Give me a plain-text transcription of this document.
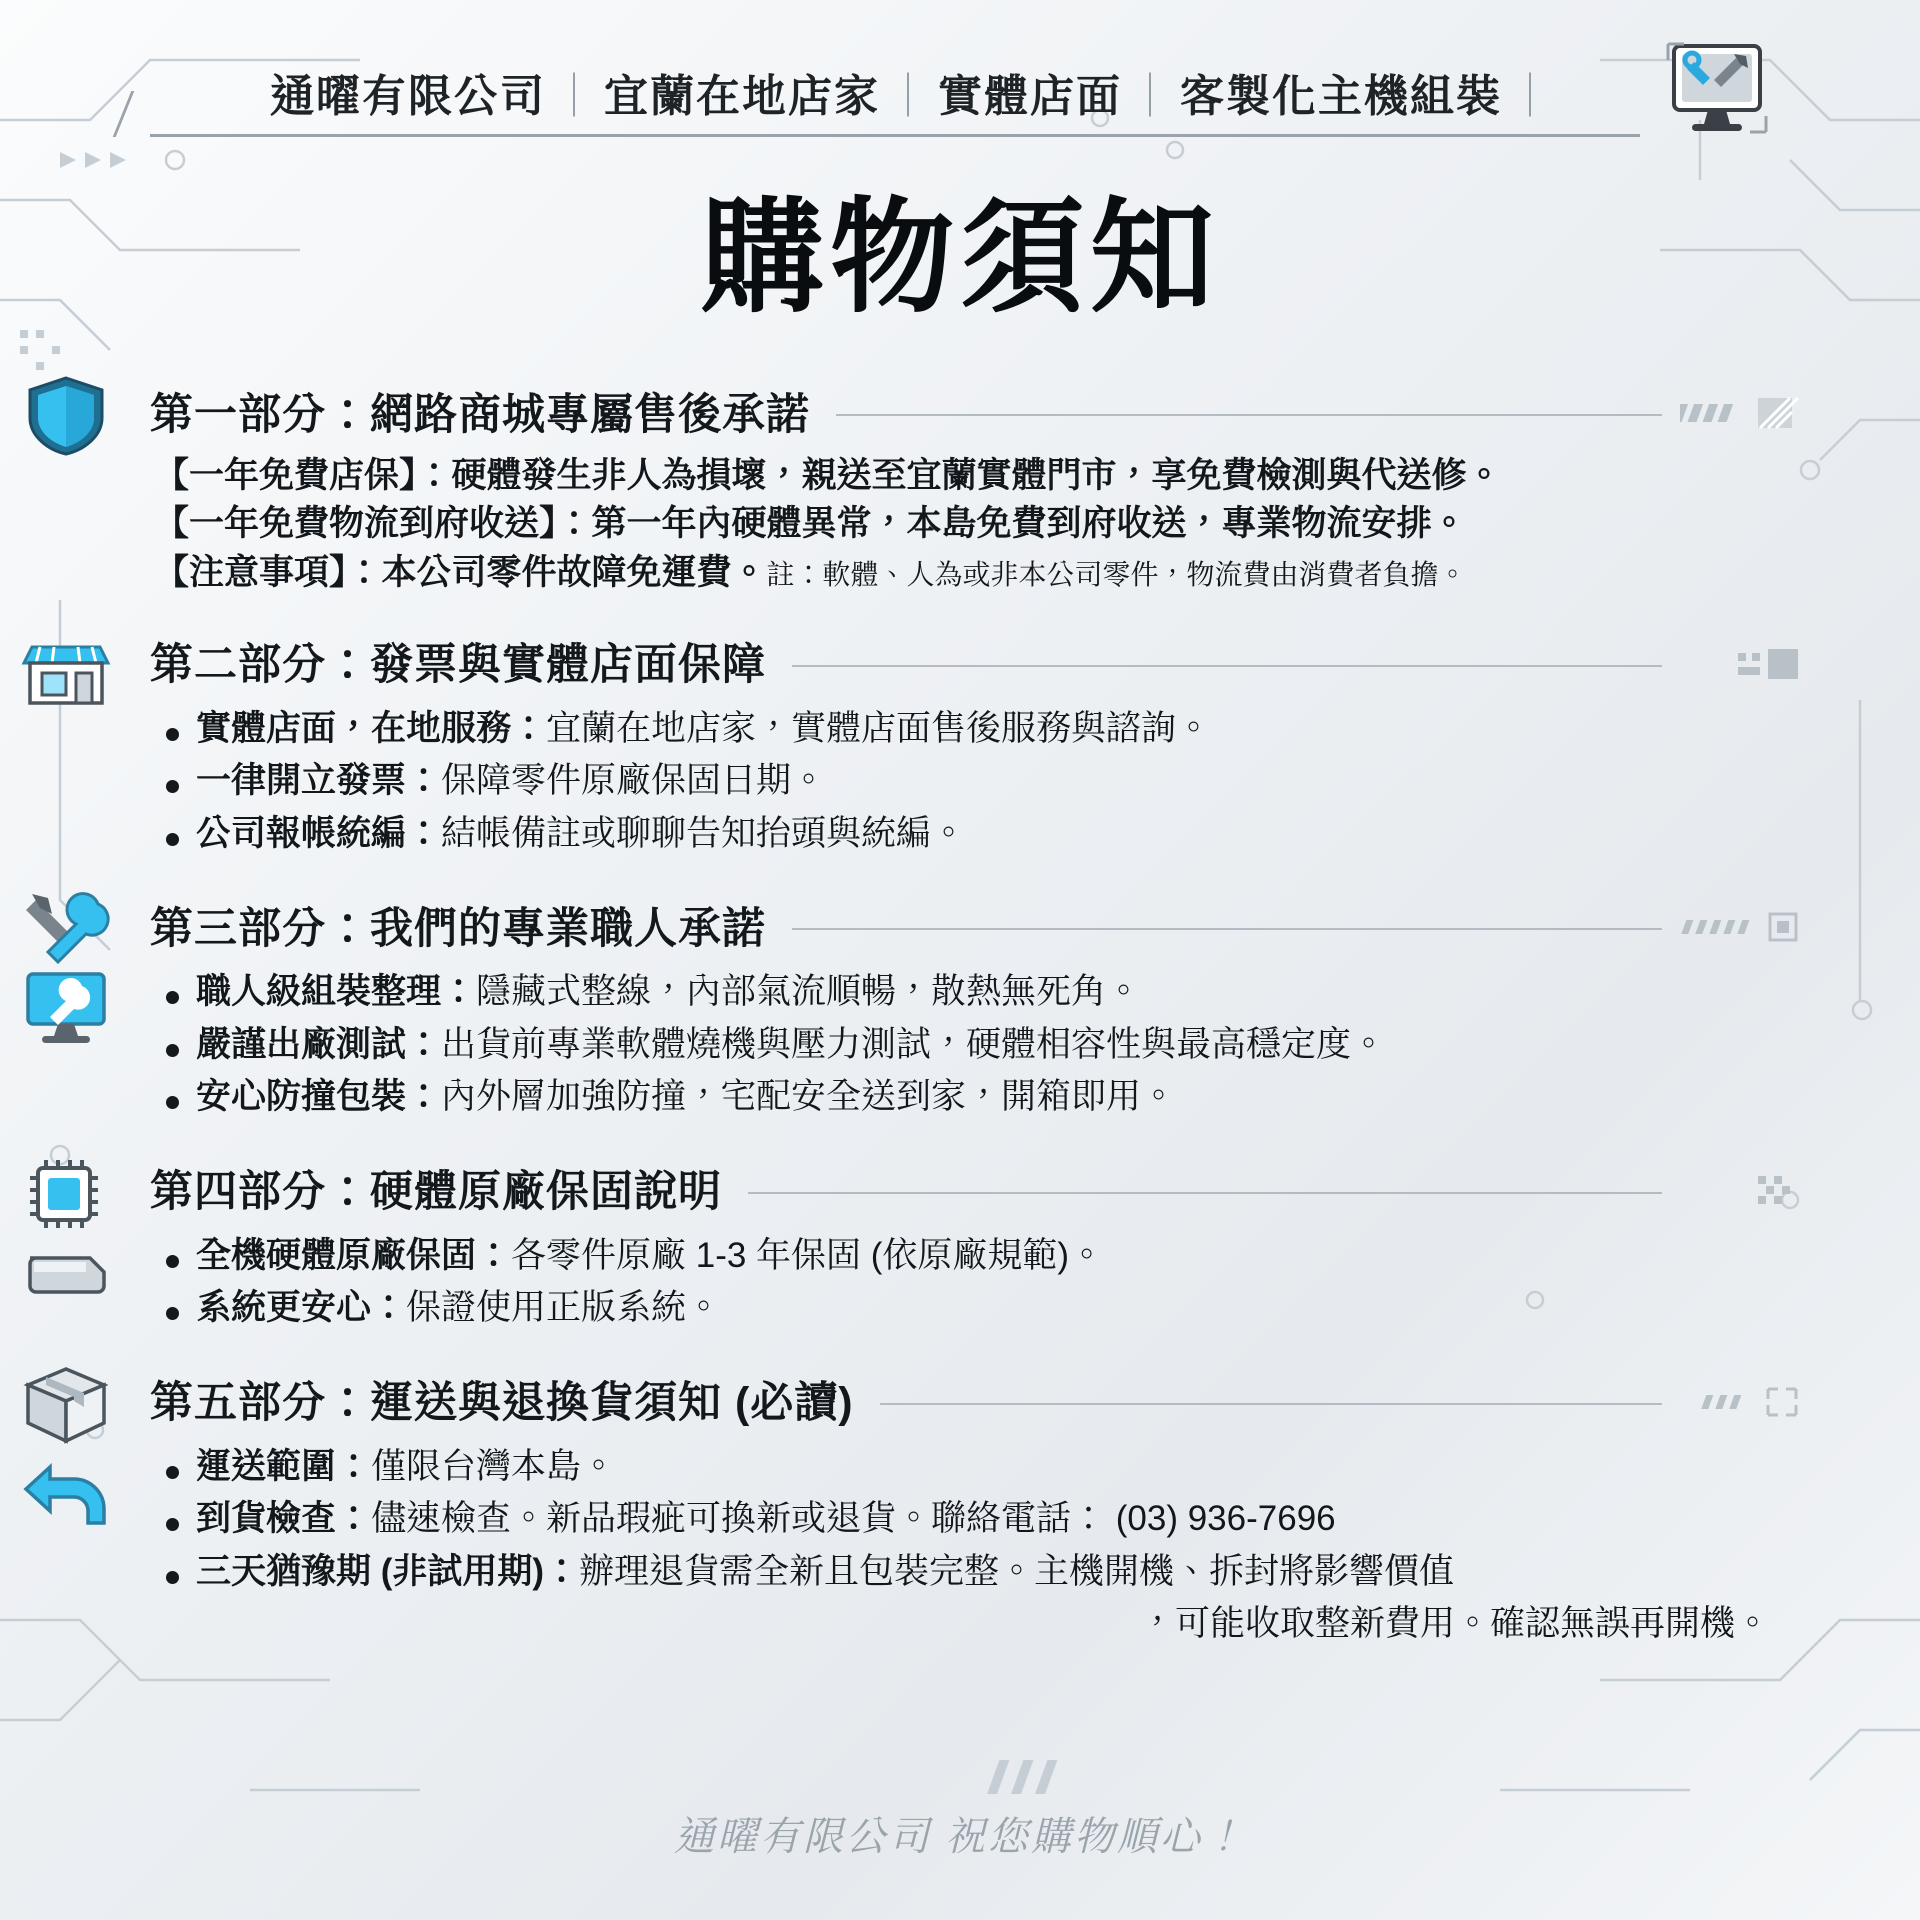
通曜有限公司 ｜ 宜蘭在地店家 ｜ 實體店面 ｜ 客製化主機組裝 ｜
購物須知
第一部分：網路商城專屬售後承諾
【一年免費店保】：硬體發生非人為損壞，親送至宜蘭實體門市，享免費檢測與代送修。
【一年免費物流到府收送】：第一年內硬體異常，本島免費到府收送，專業物流安排。
【注意事項】：本公司零件故障免運費。註：軟體、人為或非本公司零件，物流費由消費者負擔。
第二部分：發票與實體店面保障
實體店面，在地服務：宜蘭在地店家，實體店面售後服務與諮詢。
一律開立發票：保障零件原廠保固日期。
公司報帳統編：結帳備註或聊聊告知抬頭與統編。
第三部分：我們的專業職人承諾
職人級組裝整理：隱藏式整線，內部氣流順暢，散熱無死角。
嚴謹出廠測試：出貨前專業軟體燒機與壓力測試，硬體相容性與最高穩定度。
安心防撞包裝：內外層加強防撞，宅配安全送到家，開箱即用。
第四部分：硬體原廠保固說明
全機硬體原廠保固：各零件原廠 1-3 年保固 (依原廠規範)。
系統更安心：保證使用正版系統。
第五部分：運送與退換貨須知 (必讀)
運送範圍：僅限台灣本島。
到貨檢查：儘速檢查。新品瑕疵可換新或退貨。聯絡電話： (03) 936-7696
三天猶豫期 (非試用期)：辦理退貨需全新且包裝完整。主機開機、拆封將影響價值
，可能收取整新費用。確認無誤再開機。
通曜有限公司 祝您購物順心！
